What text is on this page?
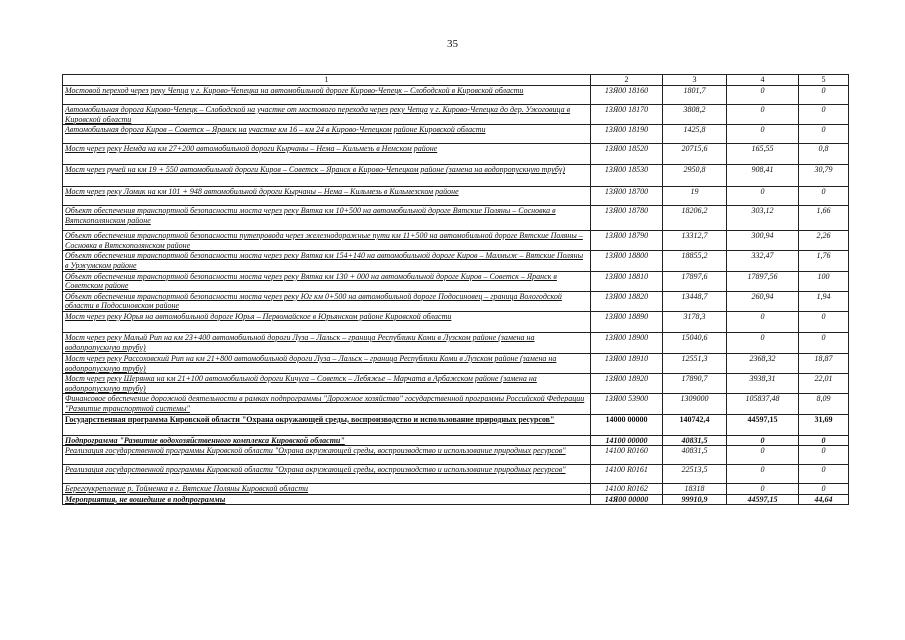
35
1	2	3	4	5
Мостовой переход через реку Чепца у г. Кирово-Чепецка на автомобильной дороге Кирово-Чепецк – Слободской в Кировской области	13Я00 18160	1801,7	0	0
Автомобильная дорога Кирово-Чепецк – Слободской на участке от мостового перехода через реку Чепца у г. Кирово-Чепецка до дер. Ужоговица в Кировской области	13Я00 18170	3808,2	0	0
Автомобильная дорога Киров – Советск – Яранск на участке км 16 – км 24 в Кирово-Чепецком районе Кировской области	13Я00 18190	1425,8	0	0
Мост через реку Немда на км 27+200 автомобильной дороги Кырчаны – Нема – Кильмезь в Немском районе	13Я00 18520	20715,6	165,55	0,8
Мост через ручей на км 19 + 550 автомобильной дороги Киров – Советск – Яранск в Кирово-Чепецком районе (замена на водопропускную трубу)	13Я00 18530	2950,8	908,41	30,79
Мост через реку Ломик на км 101 + 948 автомобильной дороги Кырчаны – Нема – Кильмезь в Кильмезском районе	13Я00 18700	19	0	0
Объект обеспечения транспортной безопасности моста через реку Вятка км 10+500 на автомобильной дороге Вятские Поляны – Сосновка в Вятскополянском районе	13Я00 18780	18206,2	303,12	1,66
Объект обеспечения транспортной безопасности путепровода через железнодорожные пути км 11+500 на автомобильной дороге Вятские Поляны – Сосновка в Вятскополянском районе	13Я00 18790	13312,7	300,94	2,26
Объект обеспечения транспортной безопасности моста через реку Вятка км 154+140 на автомобильной дороге Киров – Малмыж – Вятские Поляны в Уржумском районе	13Я00 18800	18855,2	332,47	1,76
Объект обеспечения транспортной безопасности моста через реку Вятка км 130 + 000 на автомобильной дороге Киров – Советск – Яранск в Советском районе	13Я00 18810	17897,6	17897,56	100
Объект обеспечения транспортной безопасности моста через реку Юг км 0+500 на автомобильной дороге Подосиновец – граница Вологодской области в Подосиновском районе	13Я00 18820	13448,7	260,94	1,94
Мост через реку Юрья на автомобильной дороге Юрья – Первомайское в Юрьянском районе Кировской области	13Я00 18890	3178,3	0	0
Мост через реку Малый Рип на км 23+400 автомобильной дороги Луза – Лальск – граница Республики Коми в Лузском районе (замена на водопропускную трубу)	13Я00 18900	15040,6	0	0
Мост через реку Рассоховский Рип на км 21+800 автомобильной дороги Луза – Лальск – граница Республики Коми в Лузском районе (замена на водопропускную трубу)	13Я00 18910	12551,3	2368,32	18,87
Мост через реку Шерянка на км 21+100 автомобильной дороги Кичуга – Советск – Лебяжье – Марчата в Арбажском районе (замена на водопропускную трубу)	13Я00 18920	17890,7	3938,31	22,01
Финансовое обеспечение дорожной деятельности в рамках подпрограммы "Дорожное хозяйство" государственной программы Российской Федерации "Развитие транспортной системы"	13Я00 53900	1309000	105837,48	8,09
Государственная программа Кировской области "Охрана окружающей среды, воспроизводство и использование природных ресурсов"	14000 00000	140742,4	44597,15	31,69
Подпрограмма "Развитие водохозяйственного комплекса Кировской области"	14100 00000	40831,5	0	0
Реализация государственной программы Кировской области "Охрана окружающей среды, воспроизводство и использование природных ресурсов"	14100 R0160	40831,5	0	0
Реализация государственной программы Кировской области "Охрана окружающей среды, воспроизводство и использование природных ресурсов"	14100 R0161	22513,5	0	0
Берегоукрепление р. Тойменка в г. Вятские Поляны Кировской области	14100 R0162	18318	0	0
Мероприятия, не вошедшие в подпрограммы	14Я00 00000	99910,9	44597,15	44,64
